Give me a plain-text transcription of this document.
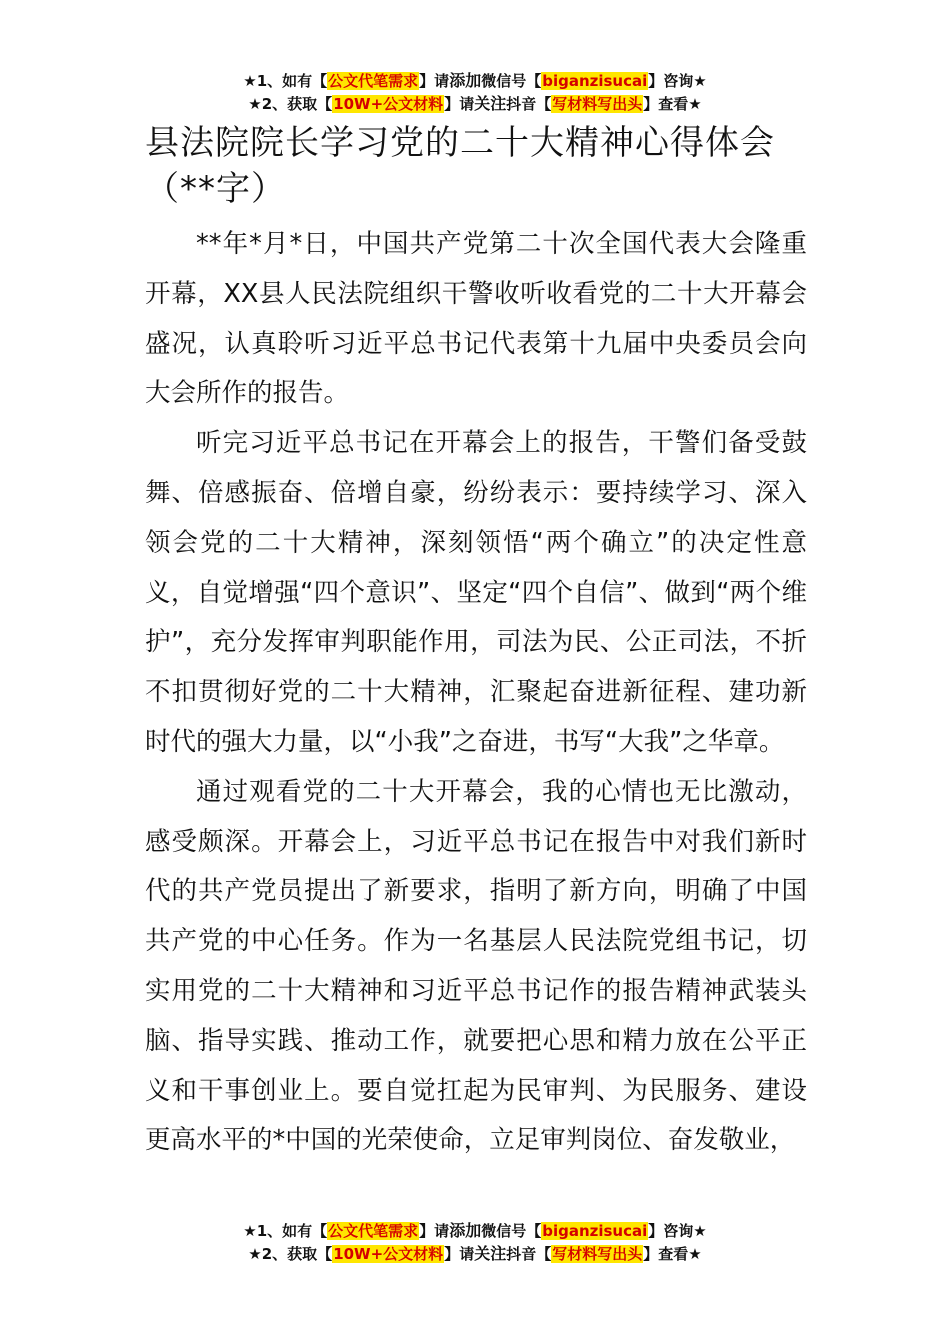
★1、如有【公文代笔需求】请添加微信号【biganzisucai】咨询★
★2、获取【10W+公文材料】请关注抖音【写材料写出头】查看★
县法院院长学习党的二十大精神心得体会（**字）

**年*月*日，中国共产党第二十次全国代表大会隆重开幕，XX县人民法院组织干警收听收看党的二十大开幕会盛况，认真聆听习近平总书记代表第十九届中央委员会向大会所作的报告。

听完习近平总书记在开幕会上的报告，干警们备受鼓舞、倍感振奋、倍增自豪，纷纷表示：要持续学习、深入领会党的二十大精神，深刻领悟“两个确立”的决定性意义，自觉增强“四个意识”、坚定“四个自信”、做到“两个维护”，充分发挥审判职能作用，司法为民、公正司法，不折不扣贯彻好党的二十大精神，汇聚起奋进新征程、建功新时代的强大力量，以“小我”之奋进，书写“大我”之华章。

通过观看党的二十大开幕会，我的心情也无比激动，感受颇深。开幕会上，习近平总书记在报告中对我们新时代的共产党员提出了新要求，指明了新方向，明确了中国共产党的中心任务。作为一名基层人民法院党组书记，切实用党的二十大精神和习近平总书记作的报告精神武装头脑、指导实践、推动工作，就要把心思和精力放在公平正义和干事创业上。要自觉扛起为民审判、为民服务、建设更高水平的*中国的光荣使命，立足审判岗位、奋发敬业，

★1、如有【公文代笔需求】请添加微信号【biganzisucai】咨询★
★2、获取【10W+公文材料】请关注抖音【写材料写出头】查看★
